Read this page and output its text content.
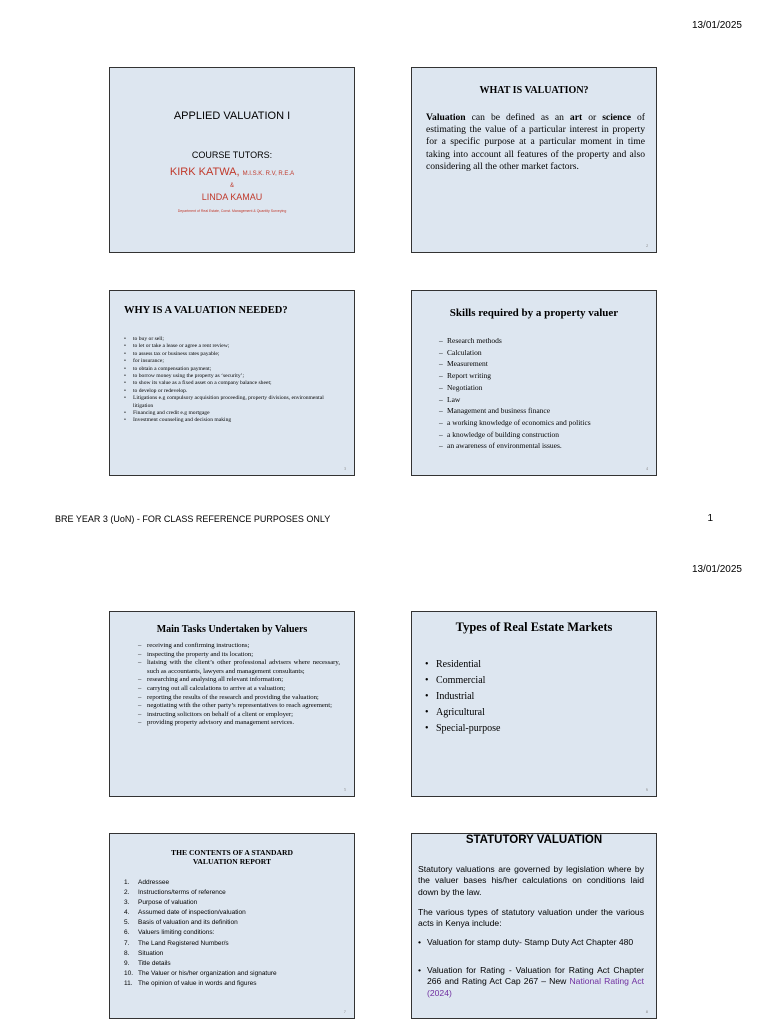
13/01/2025
APPLIED VALUATION I
COURSE TUTORS:
KIRK KATWA, M.I.S.K. R.V, R.E.A
&
LINDA KAMAU
Department of Real Estate, Const. Management & Quantity Surveying
WHAT IS VALUATION?
Valuation can be defined as an art or science of estimating the value of a particular interest in property for a specific purpose at a particular moment in time taking into account all features of the property and also considering all the other market factors.
2
WHY IS A VALUATION NEEDED?
• to buy or sell;
• to let or take a lease or agree a rent review;
• to assess tax or business rates payable;
• for insurance;
• to obtain a compensation payment;
• to borrow money using the property as ‘security’;
• to show its value as a fixed asset on a company balance sheet;
• to develop or redevelop.
• Litigations e.g compulsory acquisition proceeding, property divisions, environmental litigation
• Financing and credit e.g mortgage
• Investment counseling and decision making
3
Skills required by a property valuer
– Research methods
– Calculation
– Measurement
– Report writing
– Negotiation
– Law
– Management and business finance
– a working knowledge of economics and politics
– a knowledge of building construction
– an awareness of environmental issues.
4
BRE YEAR 3 (UoN) - FOR CLASS REFERENCE PURPOSES ONLY	1
13/01/2025
Main Tasks Undertaken by Valuers
– receiving and confirming instructions;
– inspecting the property and its location;
– liaising with the client’s other professional advisers where necessary, such as accountants, lawyers and management consultants;
– researching and analysing all relevant information;
– carrying out all calculations to arrive at a valuation;
– reporting the results of the research and providing the valuation;
– negotiating with the other party’s representatives to reach agreement;
– instructing solicitors on behalf of a client or employer;
– providing property advisory and management services.
5
Types of Real Estate Markets
• Residential
• Commercial
• Industrial
• Agricultural
• Special-purpose
6
THE CONTENTS OF A STANDARD VALUATION REPORT
1. Addressee
2. Instructions/terms of reference
3. Purpose of valuation
4. Assumed date of inspection/valuation
5. Basis of valuation and its definition
6. Valuers limiting conditions:
7. The Land Registered Number/s
8. Situation
9. Title details
10. The Valuer or his/her organization and signature
11. The opinion of value in words and figures
7
STATUTORY VALUATION
Statutory valuations are governed by legislation where by the valuer bases his/her calculations on conditions laid down by the law.
The various types of statutory valuation under the various acts in Kenya include:
• Valuation for stamp duty- Stamp Duty Act Chapter 480
• Valuation for Rating - Valuation for Rating Act Chapter 266 and Rating Act Cap 267 – New National Rating Act (2024)
8
